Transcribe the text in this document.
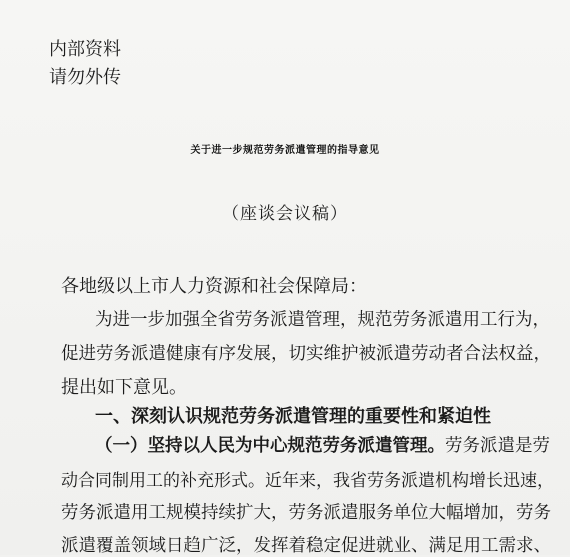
内部资料
请勿外传
关于进一步规范劳务派遣管理的指导意见
（座谈会议稿）
各地级以上市人力资源和社会保障局：
为进一步加强全省劳务派遣管理，规范劳务派遣用工行为，
促进劳务派遣健康有序发展，切实维护被派遣劳动者合法权益，
提出如下意见。
一、深刻认识规范劳务派遣管理的重要性和紧迫性
（一）坚持以人民为中心规范劳务派遣管理。劳务派遣是劳
动合同制用工的补充形式。近年来，我省劳务派遣机构增长迅速，
劳务派遣用工规模持续扩大，劳务派遣服务单位大幅增加，劳务
派遣覆盖领域日趋广泛，发挥着稳定促进就业、满足用工需求、
